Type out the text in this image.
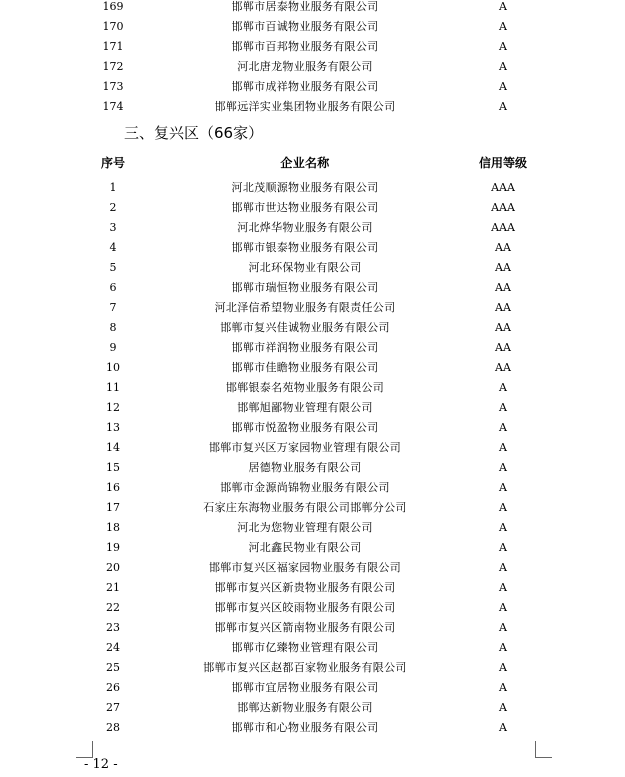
169	邯郸市居泰物业服务有限公司	A
170	邯郸市百诚物业服务有限公司	A
171	邯郸市百邦物业服务有限公司	A
172	河北唐龙物业服务有限公司	A
173	邯郸市成祥物业服务有限公司	A
174	邯郸远洋实业集团物业服务有限公司	A
三、复兴区（66家）
序号	企业名称	信用等级
1	河北茂顺源物业服务有限公司	AAA
2	邯郸市世达物业服务有限公司	AAA
3	河北烨华物业服务有限公司	AAA
4	邯郸市银泰物业服务有限公司	AA
5	河北环保物业有限公司	AA
6	邯郸市瑞恒物业服务有限公司	AA
7	河北泽信希望物业服务有限责任公司	AA
8	邯郸市复兴佳诚物业服务有限公司	AA
9	邯郸市祥润物业服务有限公司	AA
10	邯郸市佳瞻物业服务有限公司	AA
11	邯郸银泰名苑物业服务有限公司	A
12	邯郸旭鄙物业管理有限公司	A
13	邯郸市悦盈物业服务有限公司	A
14	邯郸市复兴区万家园物业管理有限公司	A
15	居德物业服务有限公司	A
16	邯郸市金源尚锦物业服务有限公司	A
17	石家庄东海物业服务有限公司邯郸分公司	A
18	河北为您物业管理有限公司	A
19	河北鑫民物业有限公司	A
20	邯郸市复兴区福家园物业服务有限公司	A
21	邯郸市复兴区新贵物业服务有限公司	A
22	邯郸市复兴区皎雨物业服务有限公司	A
23	邯郸市复兴区箭南物业服务有限公司	A
24	邯郸市亿臻物业管理有限公司	A
25	邯郸市复兴区赵都百家物业服务有限公司	A
26	邯郸市宜居物业服务有限公司	A
27	邯郸达新物业服务有限公司	A
28	邯郸市和心物业服务有限公司	A
- 12 -
